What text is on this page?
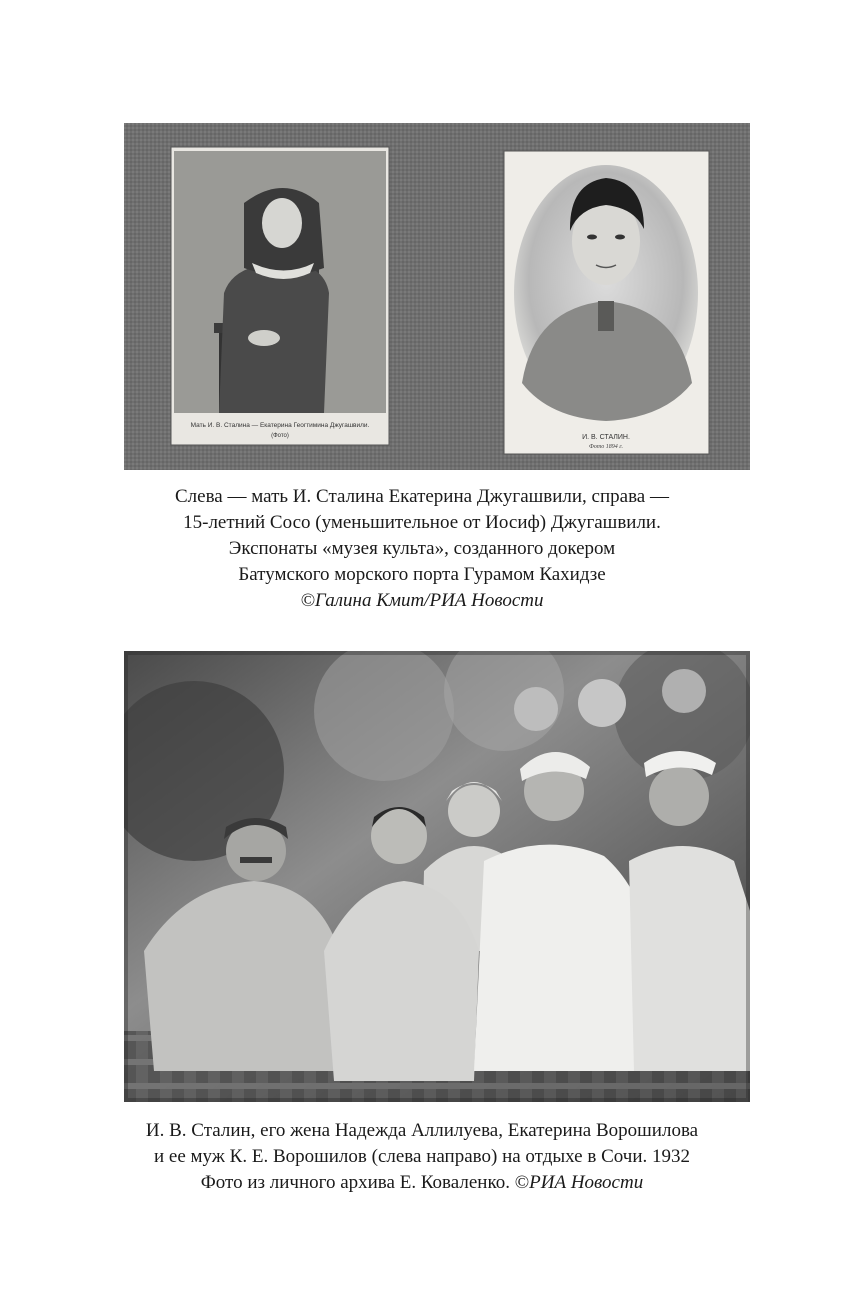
Мать И. В. Сталина — Екатерина Геогтимина Джугашвили.
(Фото)	И. В. СТАЛИН.
Фото 1894 г.
Слева — мать И. Сталина Екатерина Джугашвили, справа —
15-летний Сосо (уменьшительное от Иосиф) Джугашвили.
Экспонаты «музея культа», созданного докером
Батумского морского порта Гурамом Кахидзе
©Галина Кмит/РИА Новости
И. В. Сталин, его жена Надежда Аллилуева, Екатерина Ворошилова
и ее муж К. Е. Ворошилов (слева направо) на отдыхе в Сочи. 1932
Фото из личного архива Е. Коваленко. ©РИА Новости
